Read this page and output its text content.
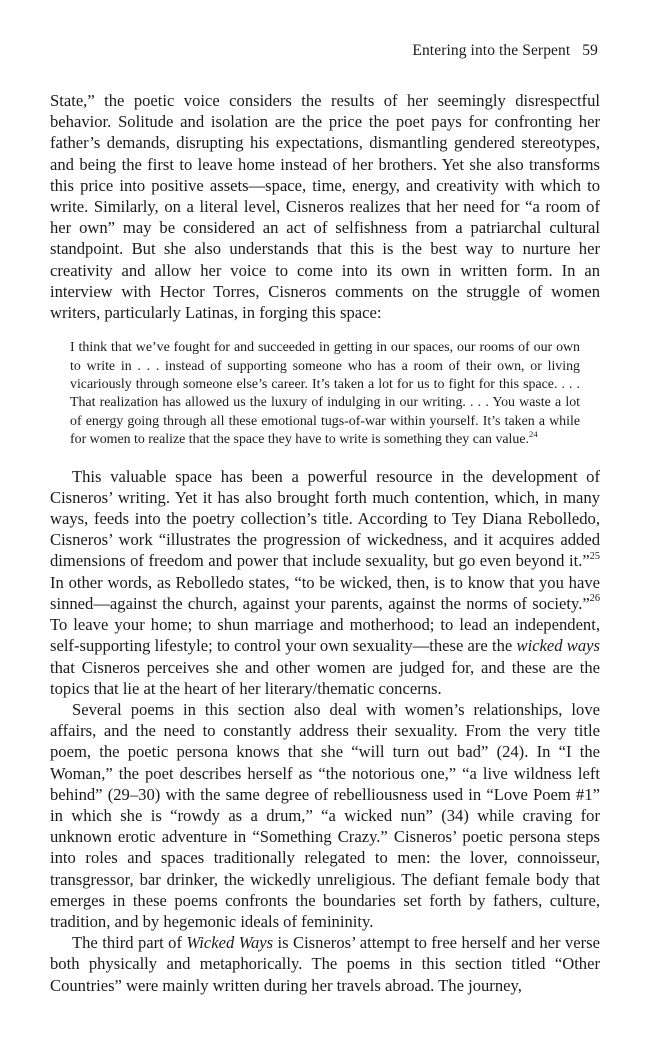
Entering into the Serpent 59

State,” the poetic voice considers the results of her seemingly disrespectful behavior. Solitude and isolation are the price the poet pays for confronting her father’s demands, disrupting his expectations, dismantling gendered stereotypes, and being the first to leave home instead of her brothers. Yet she also transforms this price into positive assets—space, time, energy, and creativity with which to write. Similarly, on a literal level, Cisneros realizes that her need for “a room of her own” may be considered an act of selfishness from a patriarchal cultural standpoint. But she also understands that this is the best way to nurture her creativity and allow her voice to come into its own in written form. In an interview with Hector Torres, Cisneros comments on the struggle of women writers, particularly Latinas, in forging this space:

I think that we’ve fought for and succeeded in getting in our spaces, our rooms of our own to write in . . . instead of supporting someone who has a room of their own, or living vicariously through someone else’s career. It’s taken a lot for us to fight for this space. . . . That realization has allowed us the luxury of indulging in our writing. . . . You waste a lot of energy going through all these emotional tugs-of-war within yourself. It’s taken a while for women to realize that the space they have to write is something they can value.$^{24}$

This valuable space has been a powerful resource in the development of Cisneros’ writing. Yet it has also brought forth much contention, which, in many ways, feeds into the poetry collection’s title. According to Tey Diana Rebolledo, Cisneros’ work “illustrates the progression of wickedness, and it acquires added dimensions of freedom and power that include sexuality, but go even beyond it.”$^{25}$ In other words, as Rebolledo states, “to be wicked, then, is to know that you have sinned—against the church, against your parents, against the norms of society.”$^{26}$ To leave your home; to shun marriage and motherhood; to lead an independent, self-supporting lifestyle; to control your own sexuality—these are the wicked ways that Cisneros perceives she and other women are judged for, and these are the topics that lie at the heart of her literary/thematic concerns.

Several poems in this section also deal with women’s relationships, love affairs, and the need to constantly address their sexuality. From the very title poem, the poetic persona knows that she “will turn out bad” (24). In “I the Woman,” the poet describes herself as “the notorious one,” “a live wildness left behind” (29–30) with the same degree of rebelliousness used in “Love Poem #1” in which she is “rowdy as a drum,” “a wicked nun” (34) while craving for unknown erotic adventure in “Something Crazy.” Cisneros’ poetic persona steps into roles and spaces traditionally relegated to men: the lover, connoisseur, transgressor, bar drinker, the wickedly unreligious. The defiant female body that emerges in these poems confronts the boundaries set forth by fathers, culture, tradition, and by hegemonic ideals of femininity.

The third part of Wicked Ways is Cisneros’ attempt to free herself and her verse both physically and metaphorically. The poems in this section titled “Other Countries” were mainly written during her travels abroad. The journey,
